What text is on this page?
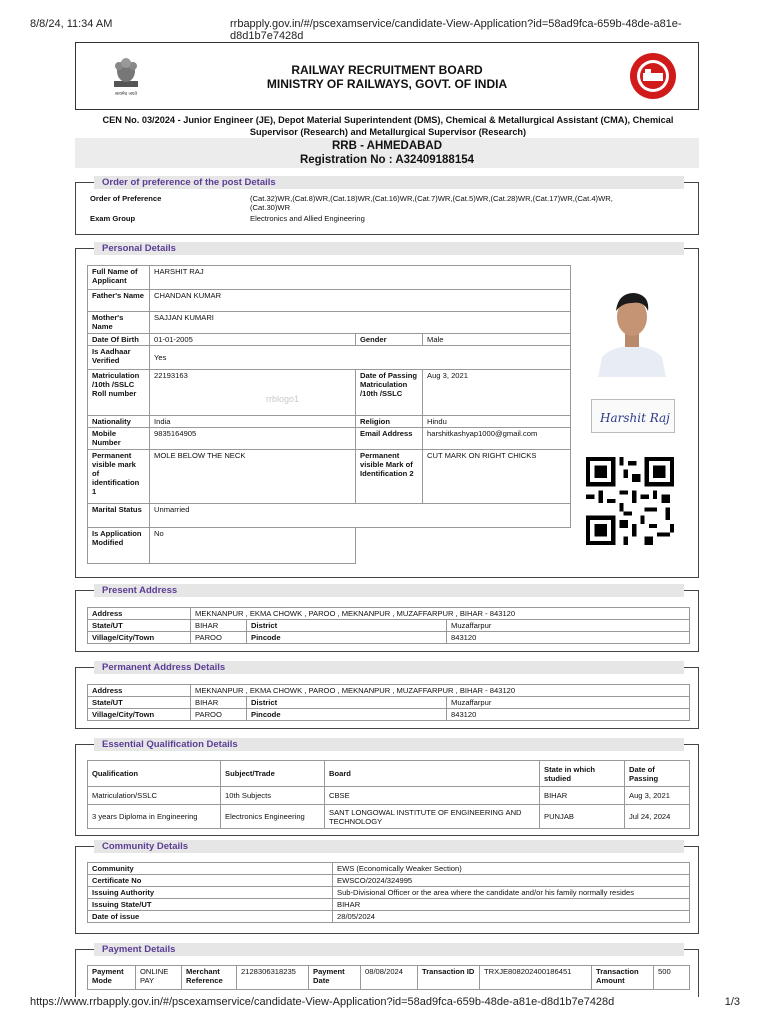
8/8/24, 11:34 AM	rrbapply.gov.in/#/pscexamservice/candidate-View-Application?id=58ad9fca-659b-48de-a81e-d8d1b7e7428d
सत्यमेव जयते
RAILWAY RECRUITMENT BOARD
MINISTRY OF RAILWAYS, GOVT. OF INDIA
CEN No. 03/2024 - Junior Engineer (JE), Depot Material Superintendent (DMS), Chemical & Metallurgical Assistant (CMA), Chemical
Supervisor (Research) and Metallurgical Supervisor (Research)
RRB - AHMEDABAD
Registration No : A32409188154
Order of preference of the post Details
Order of Preference	(Cat.32)WR,(Cat.8)WR,(Cat.18)WR,(Cat.16)WR,(Cat.7)WR,(Cat.5)WR,(Cat.28)WR,(Cat.17)WR,(Cat.4)WR,
(Cat.30)WR
Exam Group	Electronics and Allied Engineering
Personal Details
rrblogo1
Full Name of Applicant	HARSHIT RAJ		
Father's Name	CHANDAN KUMAR		
Mother's Name	SAJJAN KUMARI		
Date Of Birth	01-01-2005	Gender	Male
Is Aadhaar Verified	Yes		
Matriculation /10th /SSLC Roll number	22193163	Date of Passing Matriculation /10th /SSLC	Aug 3, 2021
Nationality	India	Religion	Hindu
Mobile Number	9835164905	Email Address	harshitkashyap1000@gmail.com
Permanent visible mark of identification 1	MOLE BELOW THE NECK	Permanent visible Mark of Identification 2	CUT MARK ON RIGHT CHICKS
Marital Status	Unmarried		
Is Application Modified	No		
Harshit Raj
Present Address
Address	MEKNANPUR , EKMA CHOWK , PAROO , MEKNANPUR , MUZAFFARPUR , BIHAR - 843120		
State/UT	BIHAR	District	Muzaffarpur
Village/City/Town	PAROO	Pincode	843120
Permanent Address Details
Address	MEKNANPUR , EKMA CHOWK , PAROO , MEKNANPUR , MUZAFFARPUR , BIHAR - 843120		
State/UT	BIHAR	District	Muzaffarpur
Village/City/Town	PAROO	Pincode	843120
Essential Qualification Details
Qualification	Subject/Trade	Board	State in which studied	Date of Passing
Matriculation/SSLC	10th Subjects	CBSE	BIHAR	Aug 3, 2021
3 years Diploma in Engineering	Electronics Engineering	SANT LONGOWAL INSTITUTE OF ENGINEERING AND TECHNOLOGY	PUNJAB	Jul 24, 2024
Community Details
Community	EWS (Economically Weaker Section)
Certificate No	EWSCO/2024/324995
Issuing Authority	Sub-Divisional Officer or the area where the candidate and/or his family normally resides
Issuing State/UT	BIHAR
Date of issue	28/05/2024
Payment Details
Payment Mode	ONLINE PAY	Merchant Reference	2128306318235	Payment Date	08/08/2024	Transaction ID	TRXJE808202400186451	Transaction Amount	500
https://www.rrbapply.gov.in/#/pscexamservice/candidate-View-Application?id=58ad9fca-659b-48de-a81e-d8d1b7e7428d	1/3
